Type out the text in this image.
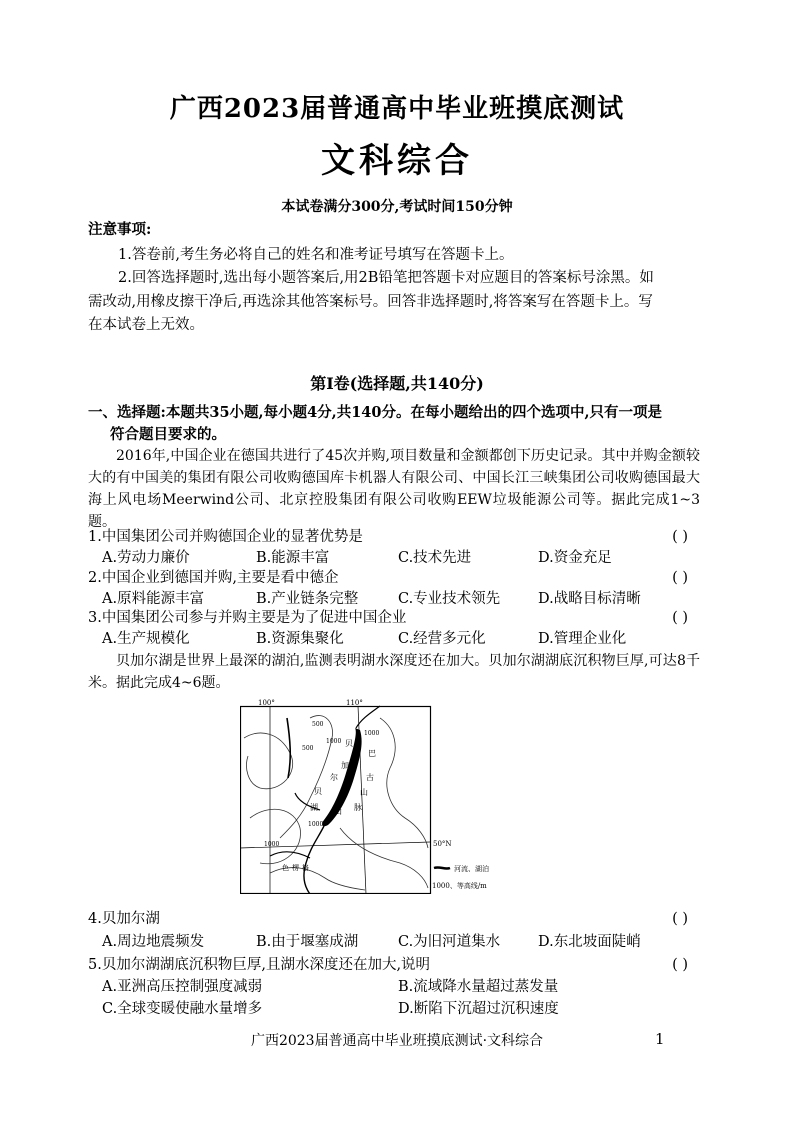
广西2023届普通高中毕业班摸底测试
文科综合
本试卷满分300分,考试时间150分钟
注意事项:
1.答卷前,考生务必将自己的姓名和准考证号填写在答题卡上。
2.回答选择题时,选出每小题答案后,用2B铅笔把答题卡对应题目的答案标号涂黑。如
需改动,用橡皮擦干净后,再选涂其他答案标号。回答非选择题时,将答案写在答题卡上。写
在本试卷上无效。
第Ⅰ卷(选择题,共140分)
一、选择题:本题共35小题,每小题4分,共140分。在每小题给出的四个选项中,只有一项是
符合题目要求的。
2016年,中国企业在德国共进行了45次并购,项目数量和金额都创下历史记录。其中并购金额较大的有中国美的集团有限公司收购德国库卡机器人有限公司、中国长江三峡集团公司收购德国最大海上风电场Meerwind公司、北京控股集团有限公司收购EEW垃圾能源公司等。据此完成1~3题。
1.中国集团公司并购德国企业的显著优势是	( )
A.劳动力廉价	B.能源丰富	C.技术先进	D.资金充足
2.中国企业到德国并购,主要是看中德企	( )
A.原料能源丰富	B.产业链条完整	C.专业技术领先	D.战略目标清晰
3.中国集团公司参与并购主要是为了促进中国企业	( )
A.生产规模化	B.资源集聚化	C.经营多元化	D.管理企业化
贝加尔湖是世界上最深的湖泊,监测表明湖水深度还在加大。贝加尔湖湖底沉积物巨厚,可达8千米。据此完成4~6题。
100°	110°
50°N
500
500
1000
1000
1000
1000
贝
加
尔
巴
古
山
脉
贝
湖 山
色 楞 格	河流、湖泊
1000、等高线/m
4.贝加尔湖	( )
A.周边地震频发	B.由于堰塞成湖	C.为旧河道集水	D.东北坡面陡峭
5.贝加尔湖湖底沉积物巨厚,且湖水深度还在加大,说明	( )
A.亚洲高压控制强度减弱	B.流域降水量超过蒸发量
C.全球变暖使融水量增多	D.断陷下沉超过沉积速度
广西2023届普通高中毕业班摸底测试·文科综合	1
